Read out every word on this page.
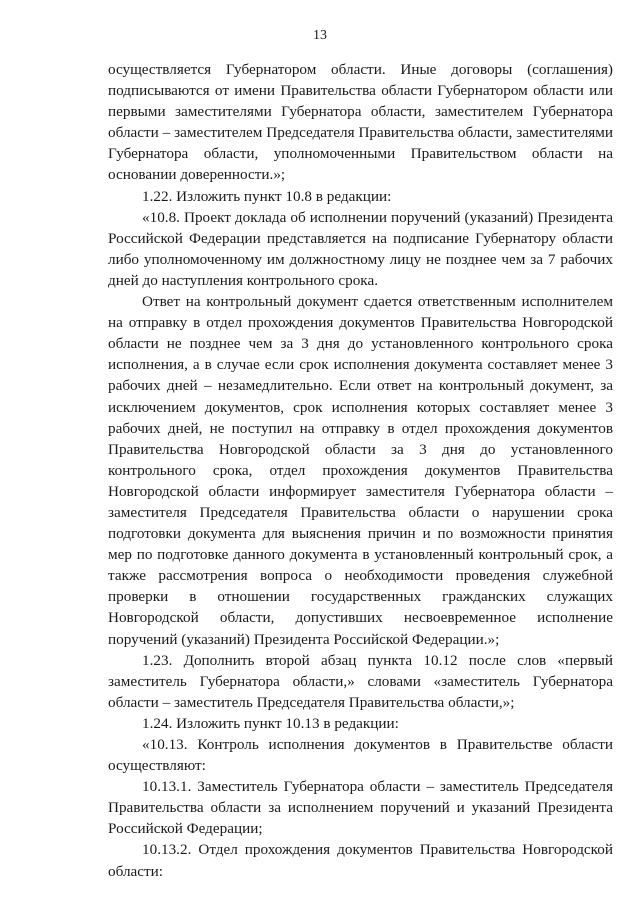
13

осуществляется Губернатором области. Иные договоры (соглашения) подписываются от имени Правительства области Губернатором области или первыми заместителями Губернатора области, заместителем Губернатора области – заместителем Председателя Правительства области, заместителями Губернатора области, уполномоченными Правительством области на основании доверенности.»;

1.22. Изложить пункт 10.8 в редакции:

«10.8. Проект доклада об исполнении поручений (указаний) Президента Российской Федерации представляется на подписание Губернатору области либо уполномоченному им должностному лицу не позднее чем за 7 рабочих дней до наступления контрольного срока.

Ответ на контрольный документ сдается ответственным исполнителем на отправку в отдел прохождения документов Правительства Новгородской области не позднее чем за 3 дня до установленного контрольного срока исполнения, а в случае если срок исполнения документа составляет менее 3 рабочих дней – незамедлительно. Если ответ на контрольный документ, за исключением документов, срок исполнения которых составляет менее 3 рабочих дней, не поступил на отправку в отдел прохождения документов Правительства Новгородской области за 3 дня до установленного контрольного срока, отдел прохождения документов Правительства Новгородской области информирует заместителя Губернатора области – заместителя Председателя Правительства области о нарушении срока подготовки документа для выяснения причин и по возможности принятия мер по подготовке данного документа в установленный контрольный срок, а также рассмотрения вопроса о необходимости проведения служебной проверки в отношении государственных гражданских служащих Новгородской области, допустивших несвоевременное исполнение поручений (указаний) Президента Российской Федерации.»;

1.23. Дополнить второй абзац пункта 10.12 после слов «первый заместитель Губернатора области,» словами «заместитель Губернатора области – заместитель Председателя Правительства области,»;

1.24. Изложить пункт 10.13 в редакции:

«10.13. Контроль исполнения документов в Правительстве области осуществляют:

10.13.1. Заместитель Губернатора области – заместитель Председателя Правительства области за исполнением поручений и указаний Президента Российской Федерации;

10.13.2. Отдел прохождения документов Правительства Новгородской области:
